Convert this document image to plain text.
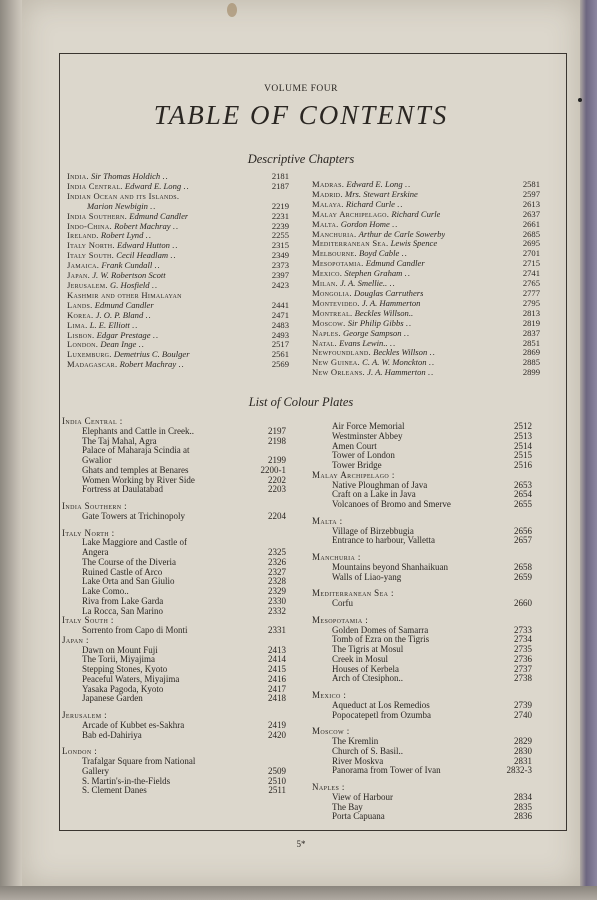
VOLUME FOUR
TABLE OF CONTENTS
Descriptive Chapters
India. Sir Thomas Holdich ..	2181
India Central. Edward E. Long ..	2187
Indian Ocean and its Islands.
Marion Newbigin ..	2219
India Southern. Edmund Candler	2231
Indo-China. Robert Machray ..	2239
Ireland. Robert Lynd ..	2255
Italy North. Edward Hutton ..	2315
Italy South. Cecil Headlam ..	2349
Jamaica. Frank Cundall ..	2373
Japan. J. W. Robertson Scott	2397
Jerusalem. G. Hosfield ..	2423
Kashmir and other Himalayan
Lands. Edmund Candler	2441
Korea. J. O. P. Bland ..	2471
Lima. L. E. Elliott ..	2483
Lisbon. Edgar Prestage ..	2493
London. Dean Inge ..	2517
Luxemburg. Demetrius C. Boulger	2561
Madagascar. Robert Machray ..	2569
Madras. Edward E. Long ..	2581
Madrid. Mrs. Stewart Erskine	2597
Malaya. Richard Curle ..	2613
Malay Archipelago. Richard Curle	2637
Malta. Gordon Home ..	2661
Manchuria. Arthur de Carle Sowerby	2685
Mediterranean Sea. Lewis Spence	2695
Melbourne. Boyd Cable ..	2701
Mesopotamia. Edmund Candler	2715
Mexico. Stephen Graham ..	2741
Milan. J. A. Smellie.. ..	2765
Mongolia. Douglas Carruthers	2777
Montevideo. J. A. Hammerton	2795
Montreal. Beckles Willson..	2813
Moscow. Sir Philip Gibbs ..	2819
Naples. George Sampson ..	2837
Natal. Evans Lewin.. ..	2851
Newfoundland. Beckles Willson ..	2869
New Guinea. C. A. W. Monckton ..	2885
New Orleans. J. A. Hammerton ..	2899
List of Colour Plates
India Central :
Elephants and Cattle in Creek..	2197
The Taj Mahal, Agra	2198
Palace of Maharaja Scindia at
Gwalior	2199
Ghats and temples at Benares	2200-1
Women Working by River Side	2202
Fortress at Daulatabad	2203
India Southern :
Gate Towers at Trichinopoly	2204
Italy North :
Lake Maggiore and Castle of
Angera	2325
The Course of the Diveria	2326
Ruined Castle of Arco	2327
Lake Orta and San Giulio	2328
Lake Como..	2329
Riva from Lake Garda	2330
La Rocca, San Marino	2332
Italy South :
Sorrento from Capo di Monti	2331
Japan :
Dawn on Mount Fuji	2413
The Torii, Miyajima	2414
Stepping Stones, Kyoto	2415
Peaceful Waters, Miyajima	2416
Yasaka Pagoda, Kyoto	2417
Japanese Garden	2418
Jerusalem :
Arcade of Kubbet es-Sakhra	2419
Bab ed-Dahiriya	2420
London :
Trafalgar Square from National
Gallery	2509
S. Martin's-in-the-Fields	2510
S. Clement Danes	2511
Air Force Memorial	2512
Westminster Abbey	2513
Amen Court	2514
Tower of London	2515
Tower Bridge	2516
Malay Archipelago :
Native Ploughman of Java	2653
Craft on a Lake in Java	2654
Volcanoes of Bromo and Smerve	2655
Malta :
Village of Birzebbugia	2656
Entrance to harbour, Valletta	2657
Manchuria :
Mountains beyond Shanhaikuan	2658
Walls of Liao-yang	2659
Mediterranean Sea :
Corfu	2660
Mesopotamia :
Golden Domes of Samarra	2733
Tomb of Ezra on the Tigris	2734
The Tigris at Mosul	2735
Creek in Mosul	2736
Houses of Kerbela	2737
Arch of Ctesiphon..	2738
Mexico :
Aqueduct at Los Remedios	2739
Popocatepetl from Ozumba	2740
Moscow :
The Kremlin	2829
Church of S. Basil..	2830
River Moskva	2831
Panorama from Tower of Ivan	2832-3
Naples :
View of Harbour	2834
The Bay	2835
Porta Capuana	2836
5*
